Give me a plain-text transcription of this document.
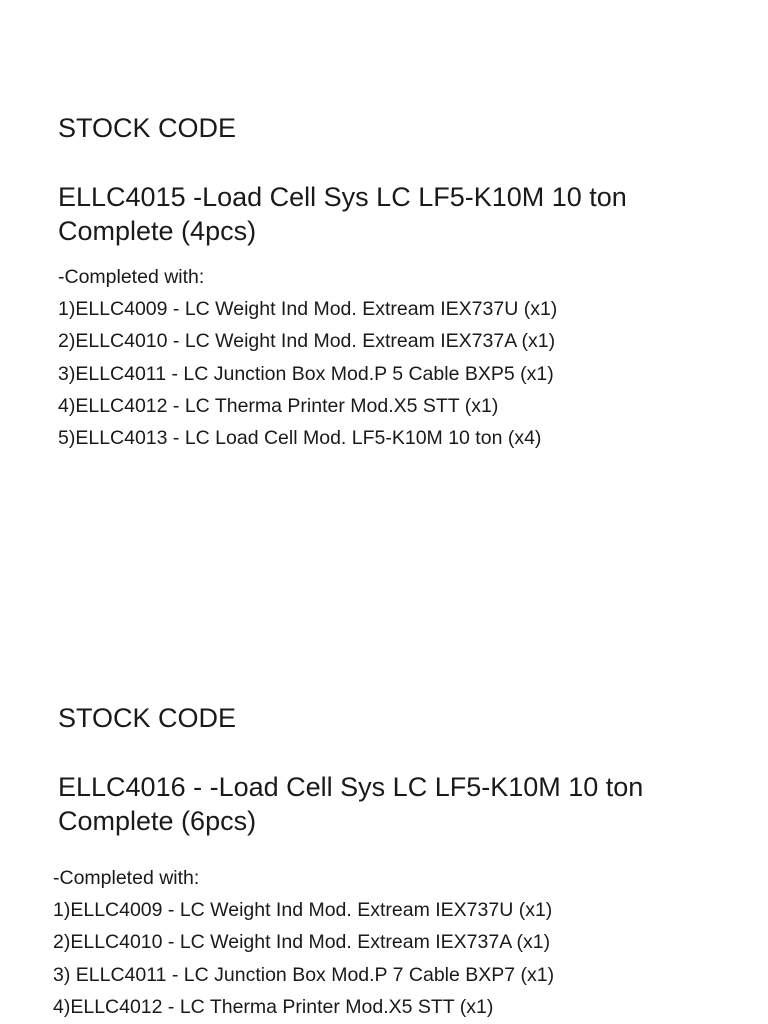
STOCK CODE
ELLC4015 -Load Cell Sys LC LF5-K10M 10 ton Complete (4pcs)
-Completed with:
1)ELLC4009 - LC Weight Ind Mod. Extream IEX737U (x1)
2)ELLC4010 - LC Weight Ind Mod. Extream IEX737A (x1)
3)ELLC4011 - LC Junction Box Mod.P 5 Cable BXP5 (x1)
4)ELLC4012 - LC Therma Printer Mod.X5 STT (x1)
5)ELLC4013 - LC Load Cell Mod. LF5-K10M 10 ton (x4)
STOCK CODE
ELLC4016 - -Load Cell Sys LC LF5-K10M 10 ton Complete (6pcs)
-Completed with:
1)ELLC4009 - LC Weight Ind Mod. Extream IEX737U (x1)
2)ELLC4010 - LC Weight Ind Mod. Extream IEX737A (x1)
3) ELLC4011 - LC Junction Box Mod.P 7 Cable BXP7 (x1)
4)ELLC4012 - LC Therma Printer Mod.X5 STT (x1)
